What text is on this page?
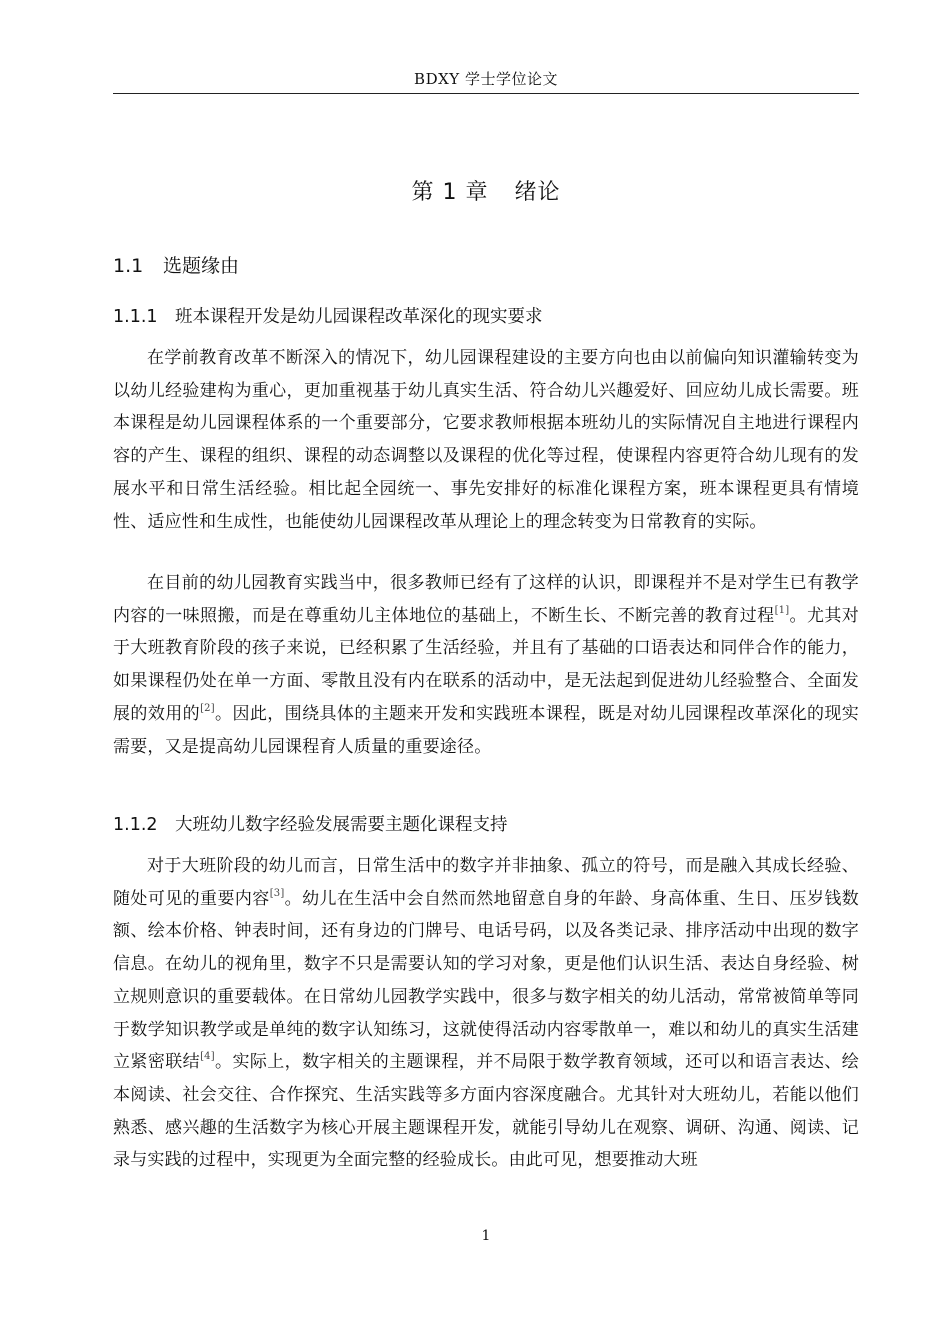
BDXY 学士学位论文
第 1 章 绪论
1.1 选题缘由
1.1.1 班本课程开发是幼儿园课程改革深化的现实要求

在学前教育改革不断深入的情况下，幼儿园课程建设的主要方向也由以前偏向知识灌输转变为以幼儿经验建构为重心，更加重视基于幼儿真实生活、符合幼儿兴趣爱好、回应幼儿成长需要。班本课程是幼儿园课程体系的一个重要部分，它要求教师根据本班幼儿的实际情况自主地进行课程内容的产生、课程的组织、课程的动态调整以及课程的优化等过程，使课程内容更符合幼儿现有的发展水平和日常生活经验。相比起全园统一、事先安排好的标准化课程方案，班本课程更具有情境性、适应性和生成性，也能使幼儿园课程改革从理论上的理念转变为日常教育的实际。

在目前的幼儿园教育实践当中，很多教师已经有了这样的认识，即课程并不是对学生已有教学内容的一味照搬，而是在尊重幼儿主体地位的基础上，不断生长、不断完善的教育过程[1]。尤其对于大班教育阶段的孩子来说，已经积累了生活经验，并且有了基础的口语表达和同伴合作的能力，如果课程仍处在单一方面、零散且没有内在联系的活动中，是无法起到促进幼儿经验整合、全面发展的效用的[2]。因此，围绕具体的主题来开发和实践班本课程，既是对幼儿园课程改革深化的现实需要，又是提高幼儿园课程育人质量的重要途径。

1.1.2 大班幼儿数字经验发展需要主题化课程支持

对于大班阶段的幼儿而言，日常生活中的数字并非抽象、孤立的符号，而是融入其成长经验、随处可见的重要内容[3]。幼儿在生活中会自然而然地留意自身的年龄、身高体重、生日、压岁钱数额、绘本价格、钟表时间，还有身边的门牌号、电话号码，以及各类记录、排序活动中出现的数字信息。在幼儿的视角里，数字不只是需要认知的学习对象，更是他们认识生活、表达自身经验、树立规则意识的重要载体。在日常幼儿园教学实践中，很多与数字相关的幼儿活动，常常被简单等同于数学知识教学或是单纯的数字认知练习，这就使得活动内容零散单一，难以和幼儿的真实生活建立紧密联结[4]。实际上，数字相关的主题课程，并不局限于数学教育领域，还可以和语言表达、绘本阅读、社会交往、合作探究、生活实践等多方面内容深度融合。尤其针对大班幼儿，若能以他们熟悉、感兴趣的生活数字为核心开展主题课程开发，就能引导幼儿在观察、调研、沟通、阅读、记录与实践的过程中，实现更为全面完整的经验成长。由此可见，想要推动大班

1
